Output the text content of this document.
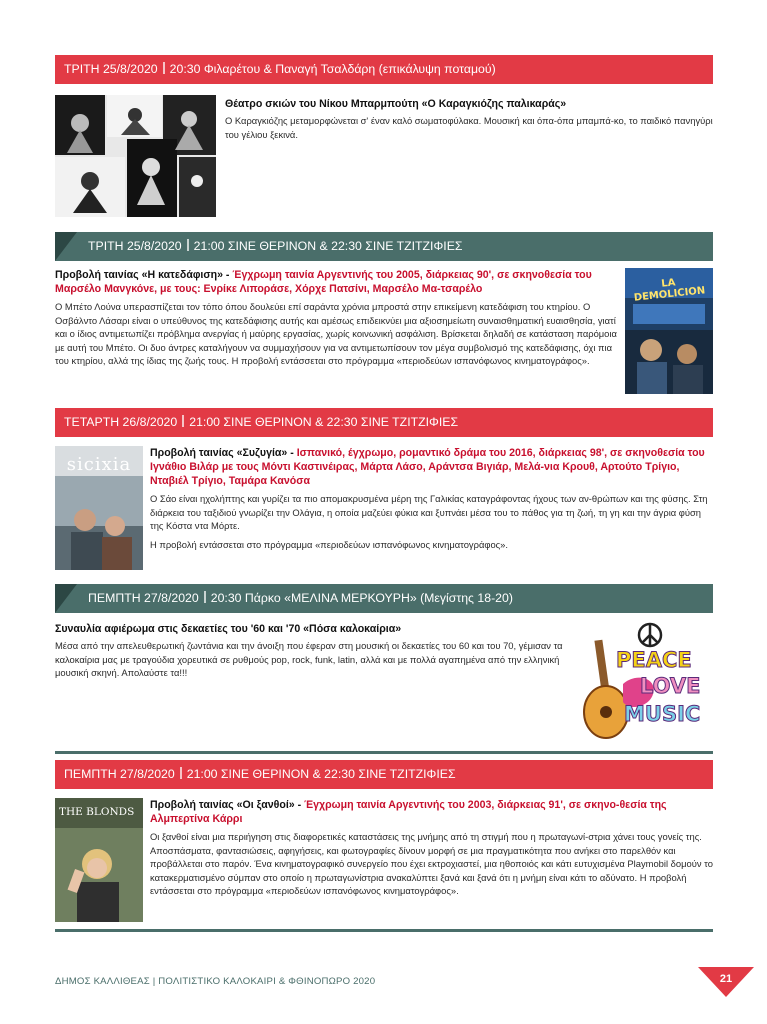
ΤΡΙΤΗ 25/8/2020 20:30 Φιλαρέτου & Παναγή Τσαλδάρη (επικάλυψη ποταμού)
Θέατρο σκιών του Νίκου Μπαρμπούτη «Ο Καραγκιόζης παλικαράς»
Ο Καραγκιόζης μεταμορφώνεται σ' έναν καλό σωματοφύλακα. Μουσική και όπα-όπα μπαμπά-κο, το παιδικό πανηγύρι του γέλιου ξεκινά.
ΤΡΙΤΗ 25/8/2020 21:00 ΣΙΝΕ ΘΕΡΙΝΟΝ & 22:30 ΣΙΝΕ ΤΖΙΤΖΙΦΙΕΣ
Προβολή ταινίας «Η κατεδάφιση» - Έγχρωμη ταινία Αργεντινής του 2005, διάρκειας 90', σε σκηνοθεσία του Μαρσέλο Μανγκόνε, με τους: Ενρίκε Λιποράσε, Χόρχε Πατσίνι, Μαρσέλο Μα-τσαρέλο
Ο Μπέτο Λούνα υπερασπίζεται τον τόπο όπου δουλεύει επί σαράντα χρόνια μπροστά στην επικείμενη κατεδάφιση του κτηρίου. Ο Οσβάλντο Λάσαρι είναι ο υπεύθυνος της κατεδάφισης αυτής και αμέσως επιδεικνύει μια αξιοσημείωτη συναισθηματική ευαισθησία, γιατί και ο ίδιος αντιμετωπίζει πρόβλημα ανεργίας ή μαύρης εργασίας, χωρίς κοινωνική ασφάλιση. Βρίσκεται δηλαδή σε κατάσταση παρόμοια με αυτή του Μπέτο. Οι δυο άντρες καταλήγουν να συμμαχήσουν για να αντιμετωπίσουν τον μέγα συμβολισμό της κατεδάφισης, όχι πια του κτηρίου, αλλά της ίδιας της ζωής τους. Η προβολή εντάσσεται στο πρόγραμμα «περιοδεύων ισπανόφωνος κινηματογράφος».
LA DEMOLICION
ΤΕΤΑΡΤΗ 26/8/2020 21:00 ΣΙΝΕ ΘΕΡΙΝΟΝ & 22:30 ΣΙΝΕ ΤΖΙΤΖΙΦΙΕΣ
sicixia
Προβολή ταινίας «Συζυγία» - Ισπανικό, έγχρωμο, ρομαντικό δράμα του 2016, διάρκειας 98', σε σκηνοθεσία του Ιγνάθιο Βιλάρ με τους Μόντι Καστινέιρας, Μάρτα Λάσο, Αράντσα Βιγιάρ, Μελά-νια Κρουθ, Αρτούτο Τρίγιο, Νταβιέλ Τρίγιο, Ταμάρα Κανόσα
Ο Σάο είναι ηχολήπτης και γυρίζει τα πιο απομακρυσμένα μέρη της Γαλικίας καταγράφοντας ήχους των αν-θρώπων και της φύσης. Στη διάρκεια του ταξιδιού γνωρίζει την Ολάγια, η οποία μαζεύει φύκια και ξυπνάει μέσα του το πάθος για τη ζωή, τη γη και την άγρια φύση της Κόστα ντα Μόρτε.
Η προβολή εντάσσεται στο πρόγραμμα «περιοδεύων ισπανόφωνος κινηματογράφος».
ΠΕΜΠΤΗ 27/8/2020 20:30 Πάρκο «ΜΕΛΙΝΑ ΜΕΡΚΟΥΡΗ» (Μεγίστης 18-20)
Συναυλία αφιέρωμα στις δεκαετίες του '60 και '70 «Πόσα καλοκαίρια»
Μέσα από την απελευθερωτική ζωντάνια και την άνοιξη που έφεραν στη μουσική οι δεκαετίες του 60 και του 70, γέμισαν τα καλοκαίρια μας με τραγούδια χορευτικά σε ρυθμούς pop, rock, funk, latin, αλλά και με πολλά αγαπημένα από την ελληνική μουσική σκηνή. Απολαύστε τα!!!
PEACE
LOVE
MUSIC
ΠΕΜΠΤΗ 27/8/2020 21:00 ΣΙΝΕ ΘΕΡΙΝΟΝ & 22:30 ΣΙΝΕ ΤΖΙΤΖΙΦΙΕΣ
THE BLONDS
Προβολή ταινίας «Οι ξανθοί» - Έγχρωμη ταινία Αργεντινής του 2003, διάρκειας 91', σε σκηνο-θεσία της Αλμπερτίνα Κάρρι
Οι ξανθοί είναι μια περιήγηση στις διαφορετικές καταστάσεις της μνήμης από τη στιγμή που η πρωταγωνί-στρια χάνει τους γονείς της. Αποσπάσματα, φαντασιώσεις, αφηγήσεις, και φωτογραφίες δίνουν μορφή σε μια πραγματικότητα που ανήκει στο παρελθόν και προβάλλεται στο παρόν. Ένα κινηματογραφικό συνεργείο που έχει εκτροχιαστεί, μια ηθοποιός και κάτι ευτυχισμένα Playmobil δομούν το κατακερματισμένο σύμπαν στο οποίο η πρωταγωνίστρια ανακαλύπτει ξανά και ξανά ότι η μνήμη είναι κάτι το αδύνατο. Η προβολή εντάσσεται στο πρόγραμμα «περιοδεύων ισπανόφωνος κινηματογράφος».
ΔΗΜΟΣ ΚΑΛΛΙΘΕΑΣ | ΠΟΛΙΤΙΣΤΙΚΟ ΚΑΛΟΚΑΙΡΙ & ΦΘΙΝΟΠΩΡΟ 2020	21
